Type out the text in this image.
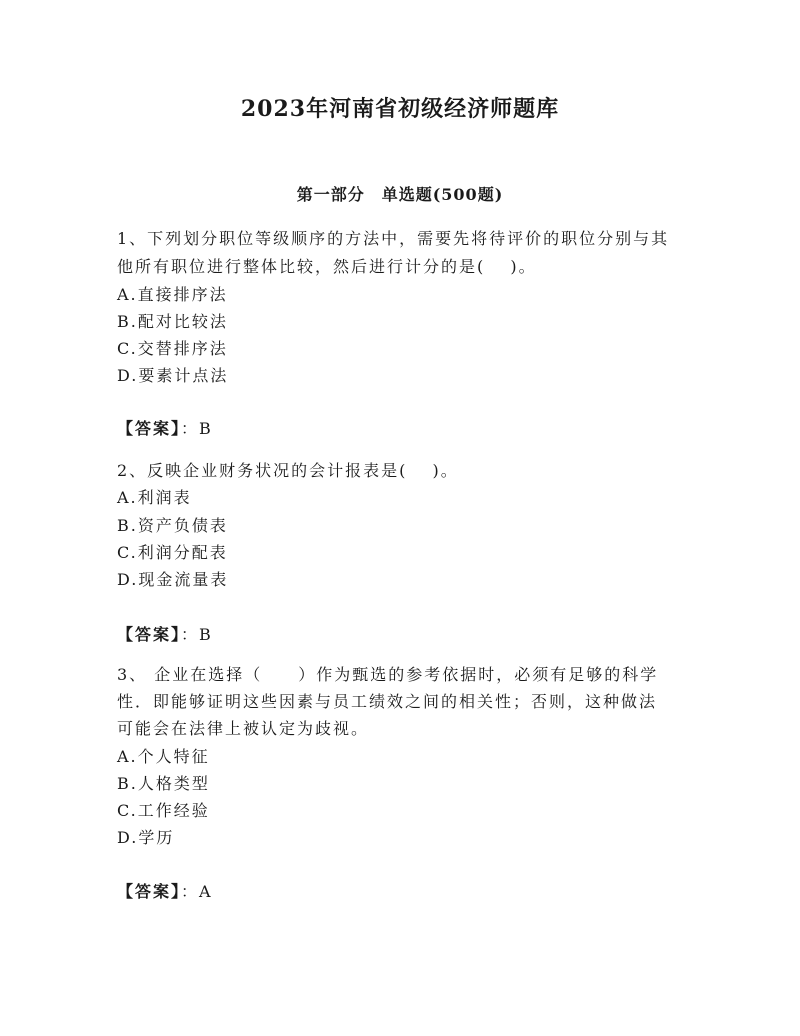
2023年河南省初级经济师题库
第一部分　单选题(500题)
1、下列划分职位等级顺序的方法中，需要先将待评价的职位分别与其
他所有职位进行整体比较，然后进行计分的是(　 )。
A.直接排序法
B.配对比较法
C.交替排序法
D.要素计点法
【答案】：B
2、反映企业财务状况的会计报表是(　 )。
A.利润表
B.资产负债表
C.利润分配表
D.现金流量表
【答案】：B
3、 企业在选择（　　）作为甄选的参考依据时，必须有足够的科学
性．即能够证明这些因素与员工绩效之间的相关性；否则，这种做法
可能会在法律上被认定为歧视。
A.个人特征
B.人格类型
C.工作经验
D.学历
【答案】：A
